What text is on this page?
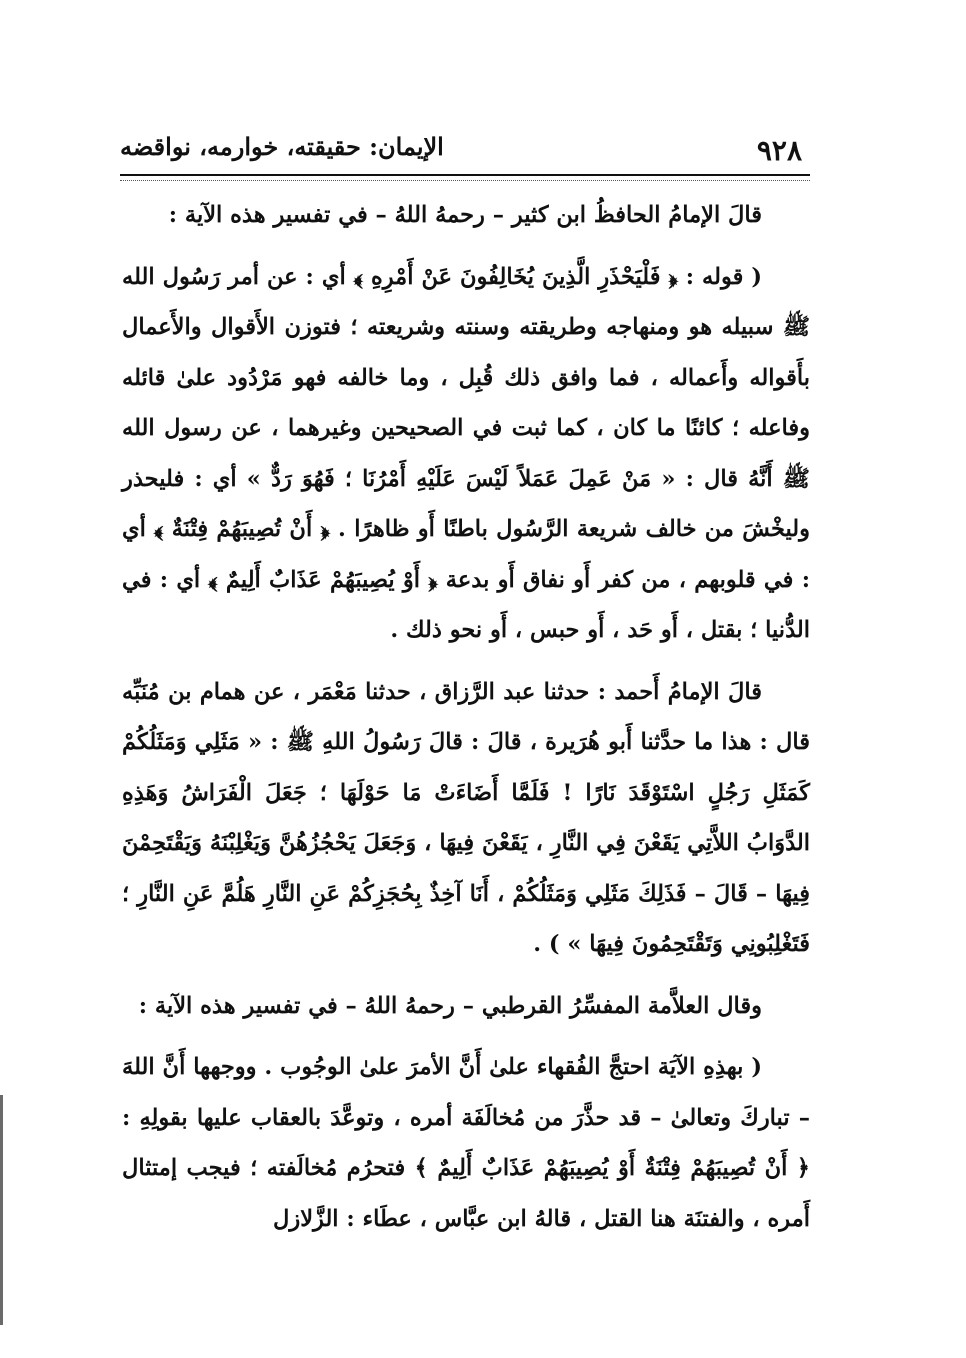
٩٢٨
الإيمان: حقيقته، خوارمه، نواقضه

قالَ الإمامُ الحافظُ ابن كثير – رحمهُ اللهُ – في تفسير هذه الآية :

( قوله : ﴿ فَلْيَحْذَرِ الَّذِينَ يُخَالِفُونَ عَنْ أَمْرِهِ ﴾ أي : عن أمر رَسُول الله ﷺ سبيله هو ومنهاجه وطريقته وسنته وشريعته ؛ فتوزن الأَقوال والأَعمال بأَقواله وأَعماله ، فما وافق ذلك قُبِل ، وما خالفه فهو مَرْدُود علىٰ قائله وفاعله ؛ كائنًا ما كان ، كما ثبت في الصحيحين وغيرهما ، عن رسول الله ﷺ أَنَّهُ قال : « مَنْ عَمِلَ عَمَلاً لَيْسَ عَلَيْهِ أَمْرُنَا ؛ فَهُوَ رَدٌّ » أي : فليحذر وليخْشَ من خالف شريعة الرَّسُول باطنًا أَو ظاهرًا . ﴿ أَنْ تُصِيبَهُمْ فِتْنَةٌ ﴾ أي : في قلوبهم ، من كفر أَو نفاق أَو بدعة ﴿ أَوْ يُصِيبَهُمْ عَذَابٌ أَلِيمٌ ﴾ أي : في الدُّنيا ؛ بقتل ، أَو حَد ، أَو حبس ، أَو نحو ذلك .

قالَ الإمامُ أَحمد : حدثنا عبد الرَّزاق ، حدثنا مَعْمَر ، عن همام بن مُنَبِّه قال : هذا ما حدَّثنا أَبو هُرَيرة ، قالَ : قالَ رَسُولُ اللهِ ﷺ : « مَثَلِي وَمَثَلُكُمْ كَمَثَلِ رَجُلٍ اسْتَوْقَدَ نَارًا ! فَلَمَّا أَضَاءَتْ مَا حَوْلَهَا ؛ جَعَلَ الْفَرَاشُ وَهَذِهِ الدَّوَابُ اللاَّتِي يَقَعْنَ فِي النَّارِ ، يَقَعْنَ فِيهَا ، وَجَعَلَ يَحْجُزُهُنَّ وَيَغْلِبْنَهُ وَيَقْتَحِمْنَ فِيهَا – قَالَ – فَذَلِكَ مَثَلِي وَمَثَلُكُمْ ، أَنَا آخِذٌ بِحُجَزِكُمْ عَنِ النَّارِ هَلُمَّ عَنِ النَّارِ ؛ فَتَغْلِبُونِي وَتَقْتَحِمُونَ فِيهَا » ) .

وقال العلاَّمة المفسِّرُ القرطبي – رحمهُ اللهُ – في تفسير هذه الآية :

( بهذِهِ الآيَة احتجَّ الفُقهاء علىٰ أَنَّ الأمرَ علىٰ الوجُوب . ووجهها أَنَّ اللهَ – تباركَ وتعالىٰ – قد حذَّرَ من مُخالَفَة أمره ، وتوعَّدَ بالعقاب عليها بقولِهِ : ﴿ أَنْ تُصِيبَهُمْ فِتْنَةٌ أَوْ يُصِيبَهُمْ عَذَابٌ أَلِيمٌ ﴾ فتحرُم مُخالَفته ؛ فيجب إمتثال أَمره ، والفتنَة هنا القتل ، قالهُ ابن عبَّاس ، عطَاء : الزَّلازل
